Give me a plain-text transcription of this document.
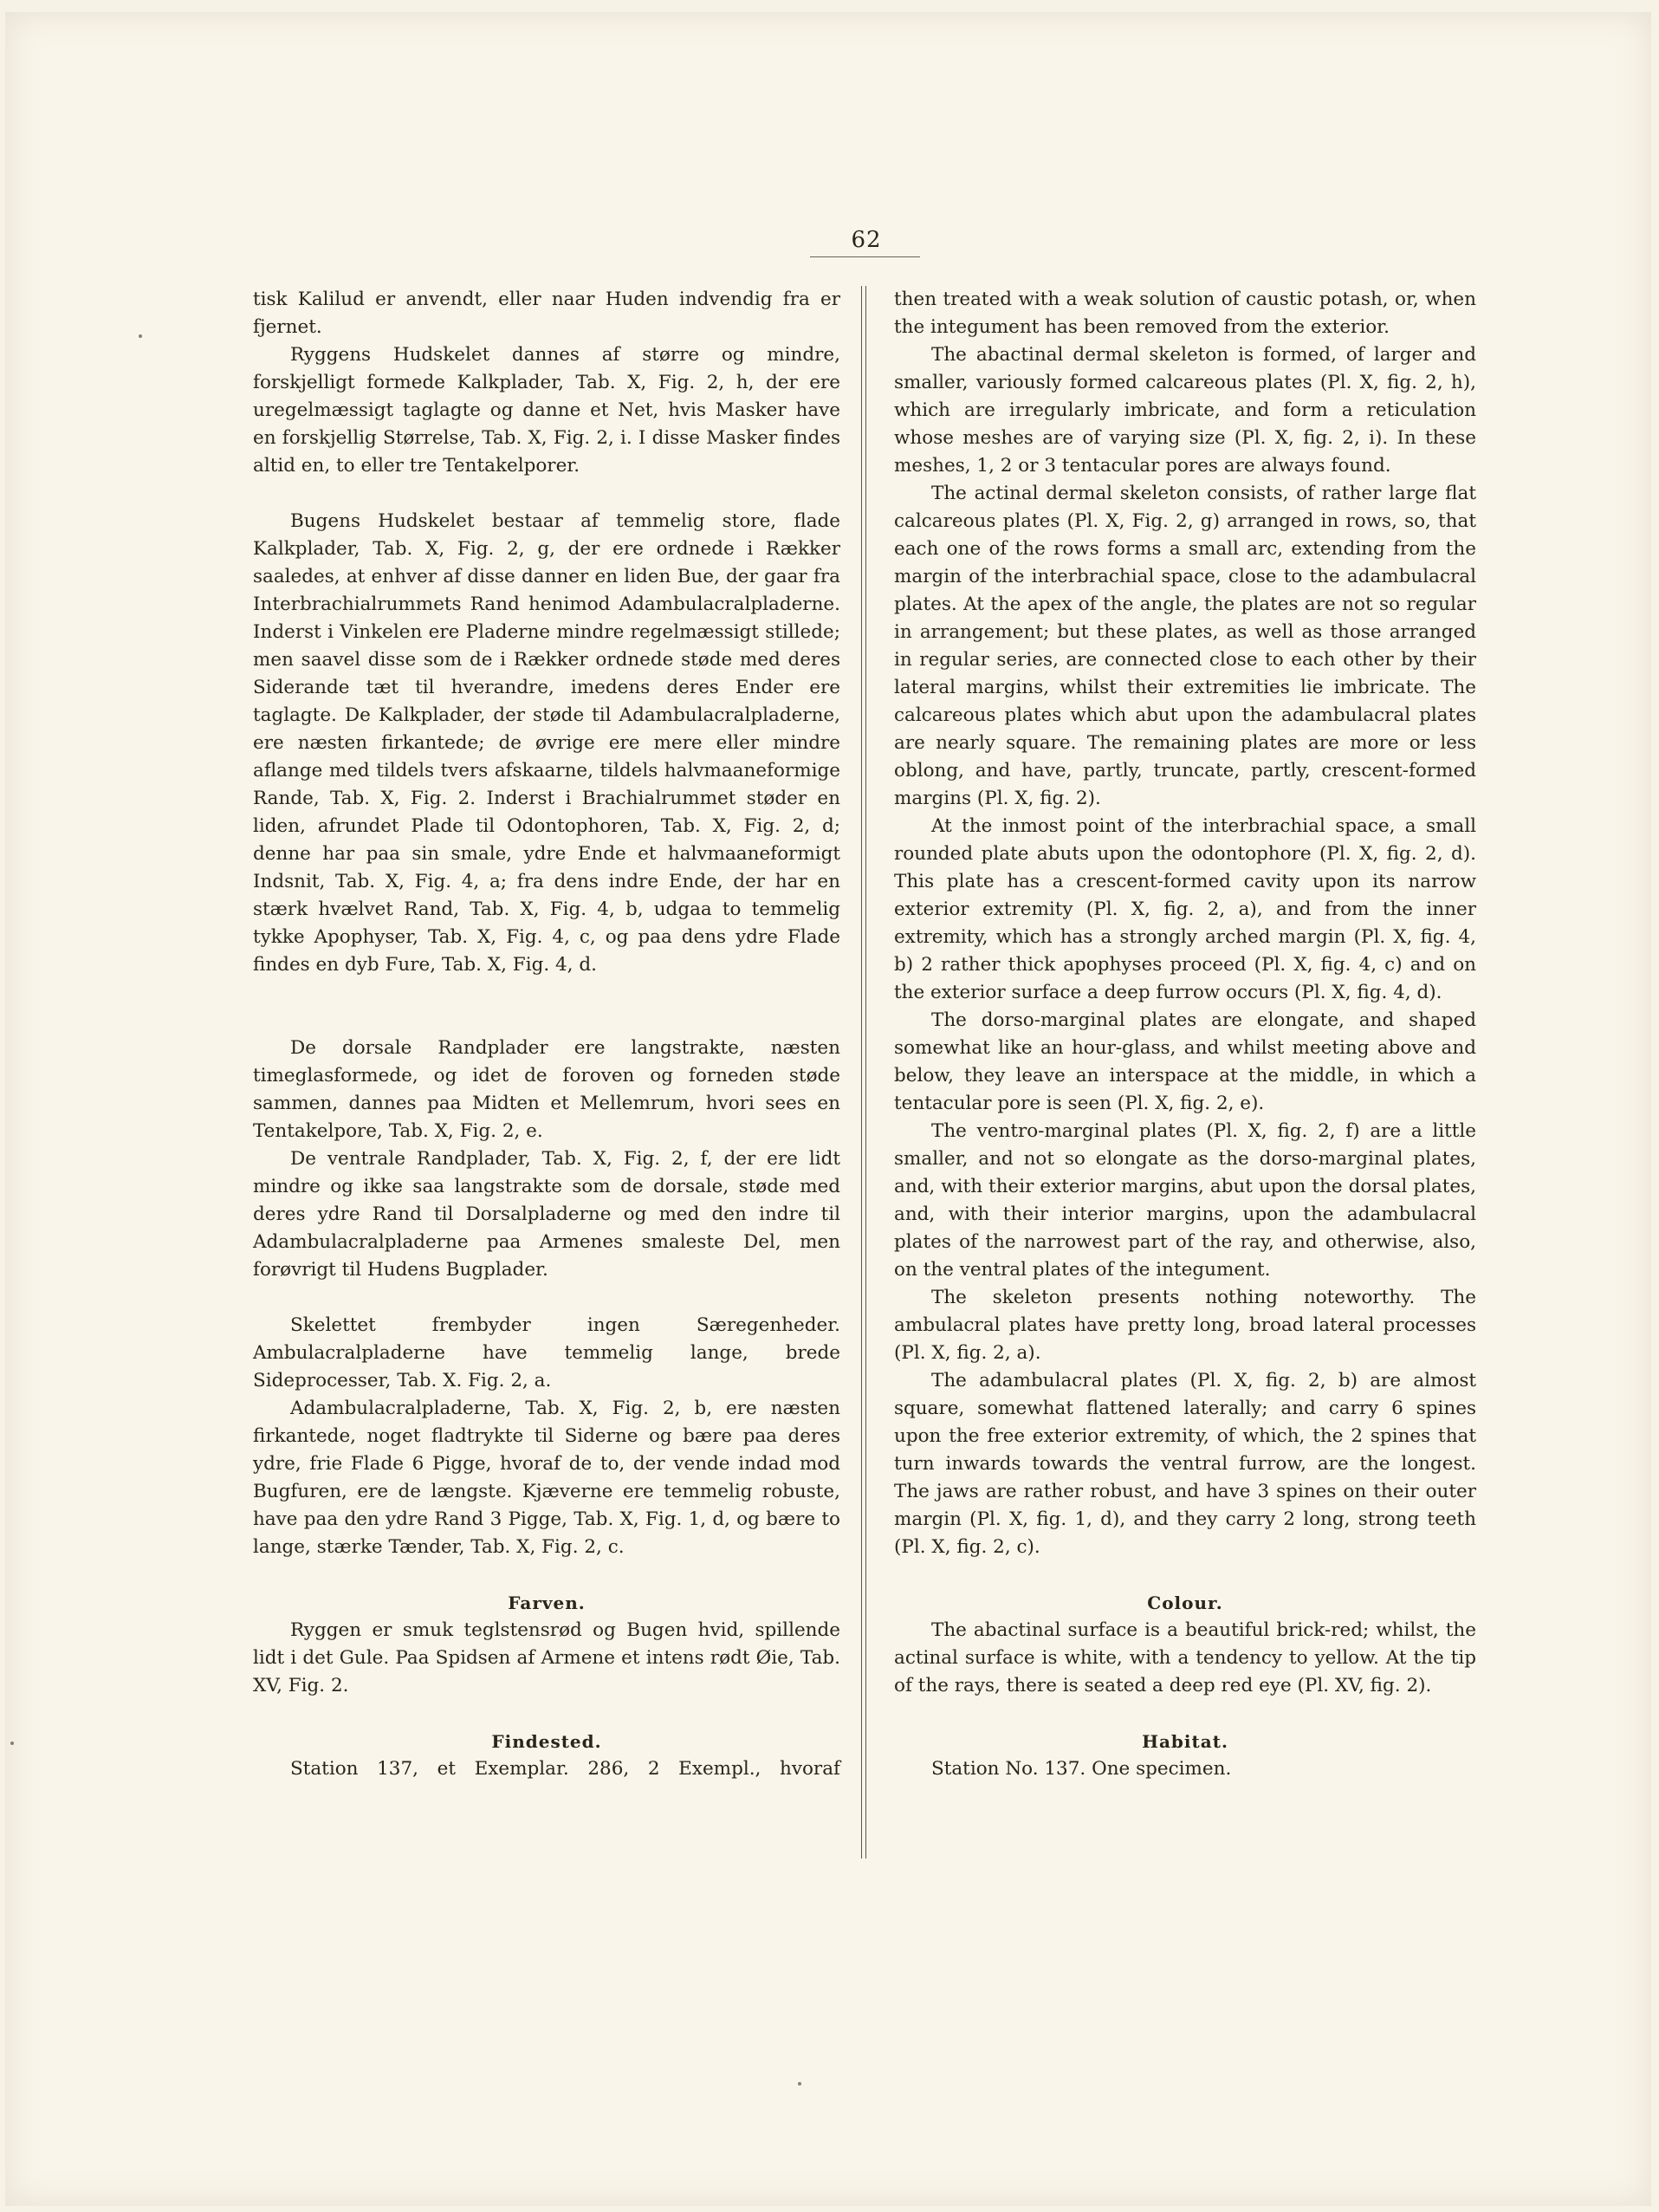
62

tisk Kalilud er anvendt, eller naar Huden indvendig fra er fjernet.

Ryggens Hudskelet dannes af større og mindre, forskjelligt formede Kalkplader, Tab. X, Fig. 2, h, der ere uregelmæssigt taglagte og danne et Net, hvis Masker have en forskjellig Størrelse, Tab. X, Fig. 2, i. I disse Masker findes altid en, to eller tre Tentakelporer.

Bugens Hudskelet bestaar af temmelig store, flade Kalkplader, Tab. X, Fig. 2, g, der ere ordnede i Rækker saaledes, at enhver af disse danner en liden Bue, der gaar fra Interbrachialrummets Rand henimod Adambulacralpladerne. Inderst i Vinkelen ere Pladerne mindre regelmæssigt stillede; men saavel disse som de i Rækker ordnede støde med deres Siderande tæt til hverandre, imedens deres Ender ere taglagte. De Kalkplader, der støde til Adambulacralpladerne, ere næsten firkantede; de øvrige ere mere eller mindre aflange med tildels tvers afskaarne, tildels halvmaaneformige Rande, Tab. X, Fig. 2. Inderst i Brachialrummet støder en liden, afrundet Plade til Odontophoren, Tab. X, Fig. 2, d; denne har paa sin smale, ydre Ende et halvmaaneformigt Indsnit, Tab. X, Fig. 4, a; fra dens indre Ende, der har en stærk hvælvet Rand, Tab. X, Fig. 4, b, udgaa to temmelig tykke Apophyser, Tab. X, Fig. 4, c, og paa dens ydre Flade findes en dyb Fure, Tab. X, Fig. 4, d.

De dorsale Randplader ere langstrakte, næsten timeglasformede, og idet de foroven og forneden støde sammen, dannes paa Midten et Mellemrum, hvori sees en Tentakelpore, Tab. X, Fig. 2, e.

De ventrale Randplader, Tab. X, Fig. 2, f, der ere lidt mindre og ikke saa langstrakte som de dorsale, støde med deres ydre Rand til Dorsalpladerne og med den indre til Adambulacralpladerne paa Armenes smaleste Del, men forøvrigt til Hudens Bugplader.

Skelettet frembyder ingen Særegenheder. Ambulacralpladerne have temmelig lange, brede Sideprocesser, Tab. X. Fig. 2, a.

Adambulacralpladerne, Tab. X, Fig. 2, b, ere næsten firkantede, noget fladtrykte til Siderne og bære paa deres ydre, frie Flade 6 Pigge, hvoraf de to, der vende indad mod Bugfuren, ere de længste. Kjæverne ere temmelig robuste, have paa den ydre Rand 3 Pigge, Tab. X, Fig. 1, d, og bære to lange, stærke Tænder, Tab. X, Fig. 2, c.

Farven.

Ryggen er smuk teglstensrød og Bugen hvid, spillende lidt i det Gule. Paa Spidsen af Armene et intens rødt Øie, Tab. XV, Fig. 2.

Findested.

Station 137, et Exemplar. 286, 2 Exempl., hvoraf

then treated with a weak solution of caustic potash, or, when the integument has been removed from the exterior.

The abactinal dermal skeleton is formed, of larger and smaller, variously formed calcareous plates (Pl. X, fig. 2, h), which are irregularly imbricate, and form a reticulation whose meshes are of varying size (Pl. X, fig. 2, i). In these meshes, 1, 2 or 3 tentacular pores are always found.

The actinal dermal skeleton consists, of rather large flat calcareous plates (Pl. X, Fig. 2, g) arranged in rows, so, that each one of the rows forms a small arc, extending from the margin of the interbrachial space, close to the adambulacral plates. At the apex of the angle, the plates are not so regular in arrangement; but these plates, as well as those arranged in regular series, are connected close to each other by their lateral margins, whilst their extremities lie imbricate. The calcareous plates which abut upon the adambulacral plates are nearly square. The remaining plates are more or less oblong, and have, partly, truncate, partly, crescent-formed margins (Pl. X, fig. 2).

At the inmost point of the interbrachial space, a small rounded plate abuts upon the odontophore (Pl. X, fig. 2, d). This plate has a crescent-formed cavity upon its narrow exterior extremity (Pl. X, fig. 2, a), and from the inner extremity, which has a strongly arched margin (Pl. X, fig. 4, b) 2 rather thick apophyses proceed (Pl. X, fig. 4, c) and on the exterior surface a deep furrow occurs (Pl. X, fig. 4, d).

The dorso-marginal plates are elongate, and shaped somewhat like an hour-glass, and whilst meeting above and below, they leave an interspace at the middle, in which a tentacular pore is seen (Pl. X, fig. 2, e).

The ventro-marginal plates (Pl. X, fig. 2, f) are a little smaller, and not so elongate as the dorso-marginal plates, and, with their exterior margins, abut upon the dorsal plates, and, with their interior margins, upon the adambulacral plates of the narrowest part of the ray, and otherwise, also, on the ventral plates of the integument.

The skeleton presents nothing noteworthy. The ambulacral plates have pretty long, broad lateral processes (Pl. X, fig. 2, a).

The adambulacral plates (Pl. X, fig. 2, b) are almost square, somewhat flattened laterally; and carry 6 spines upon the free exterior extremity, of which, the 2 spines that turn inwards towards the ventral furrow, are the longest. The jaws are rather robust, and have 3 spines on their outer margin (Pl. X, fig. 1, d), and they carry 2 long, strong teeth (Pl. X, fig. 2, c).

Colour.

The abactinal surface is a beautiful brick-red; whilst, the actinal surface is white, with a tendency to yellow. At the tip of the rays, there is seated a deep red eye (Pl. XV, fig. 2).

Habitat.

Station No. 137. One specimen.
